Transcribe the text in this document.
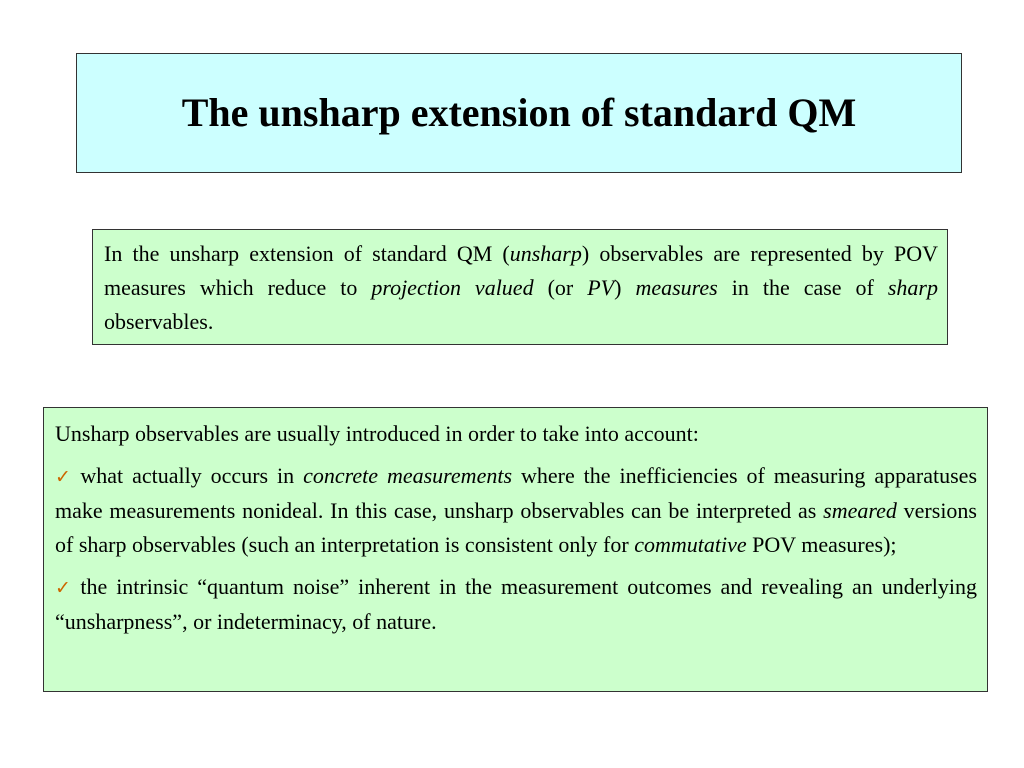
The unsharp extension of standard QM

In the unsharp extension of standard QM (unsharp) observables are represented by POV measures which reduce to projection valued (or PV) measures in the case of sharp observables.

Unsharp observables are usually introduced in order to take into account:

✓ what actually occurs in concrete measurements where the inefficiencies of measuring apparatuses make measurements nonideal. In this case, unsharp observables can be interpreted as smeared versions of sharp observables (such an interpretation is consistent only for commutative POV measures);

✓ the intrinsic “quantum noise” inherent in the measurement outcomes and revealing an underlying “unsharpness”, or indeterminacy, of nature.
